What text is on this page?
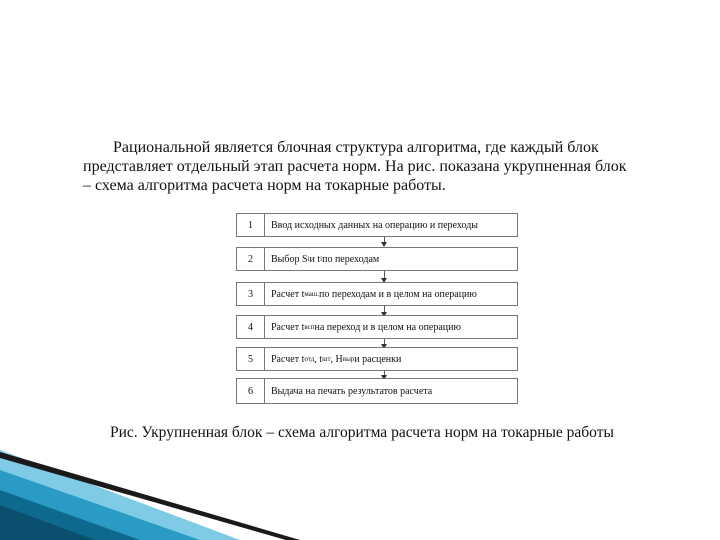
Рациональной является блочная структура алгоритма, где каждый блок
представляет отдельный этап расчета норм. На рис. показана укрупненная блок
– схема алгоритма расчета норм на токарные работы.

1	Ввод исходных данных на операцию и переходы
2	Выбор S i и t i по переходам
3	Расчет t мaш. по переходам и в целом на операцию
4	Расчет t всп на переход и в целом на операцию
5	Расчет t отд , t шт , Н выр и расценки
6	Выдача на печать результатов расчета
Рис. Укрупненная блок – схема алгоритма расчета норм на токарные работы
